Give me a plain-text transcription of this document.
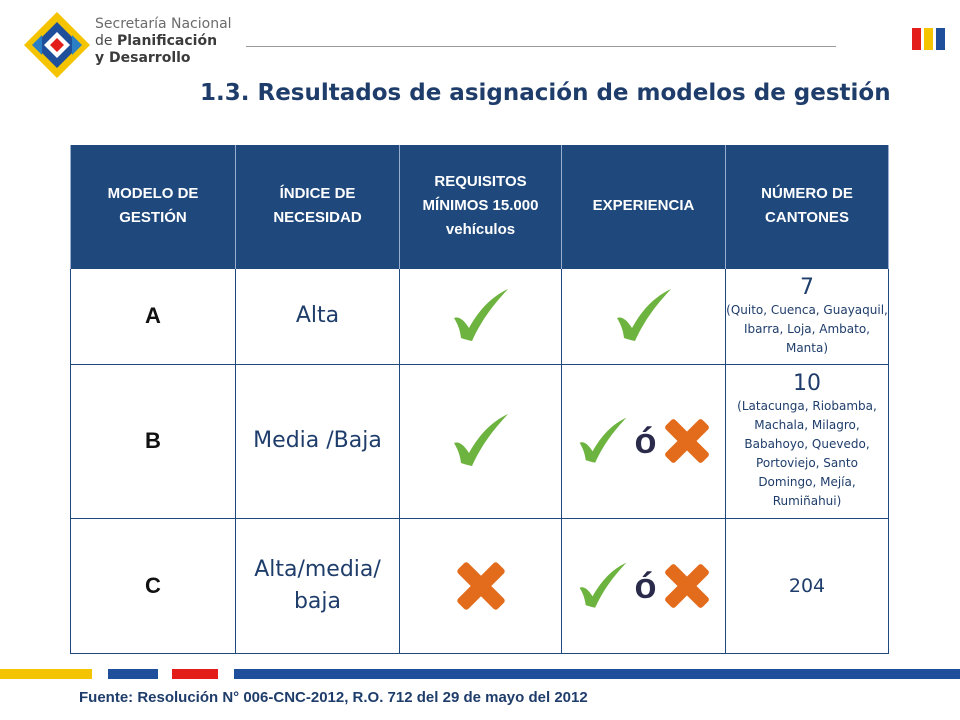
Secretaría Nacional
de Planificación
y Desarrollo
1.3. Resultados de asignación de modelos de gestión
MODELO DE GESTIÓN	ÍNDICE DE NECESIDAD	REQUISITOS MÍNIMOS 15.000 vehículos	EXPERIENCIA	NÚMERO DE CANTONES
A	Alta			7
(Quito, Cuenca, Guayaquil, Ibarra, Loja, Ambato, Manta)

B	Media /Baja		ó	10
(Latacunga, Riobamba, Machala, Milagro, Babahoyo, Quevedo, Portoviejo, Santo Domingo, Mejía, Rumiñahui)

C	Alta/media/ baja		ó	204
Fuente: Resolución N° 006-CNC-2012, R.O. 712 del 29 de mayo del 2012
